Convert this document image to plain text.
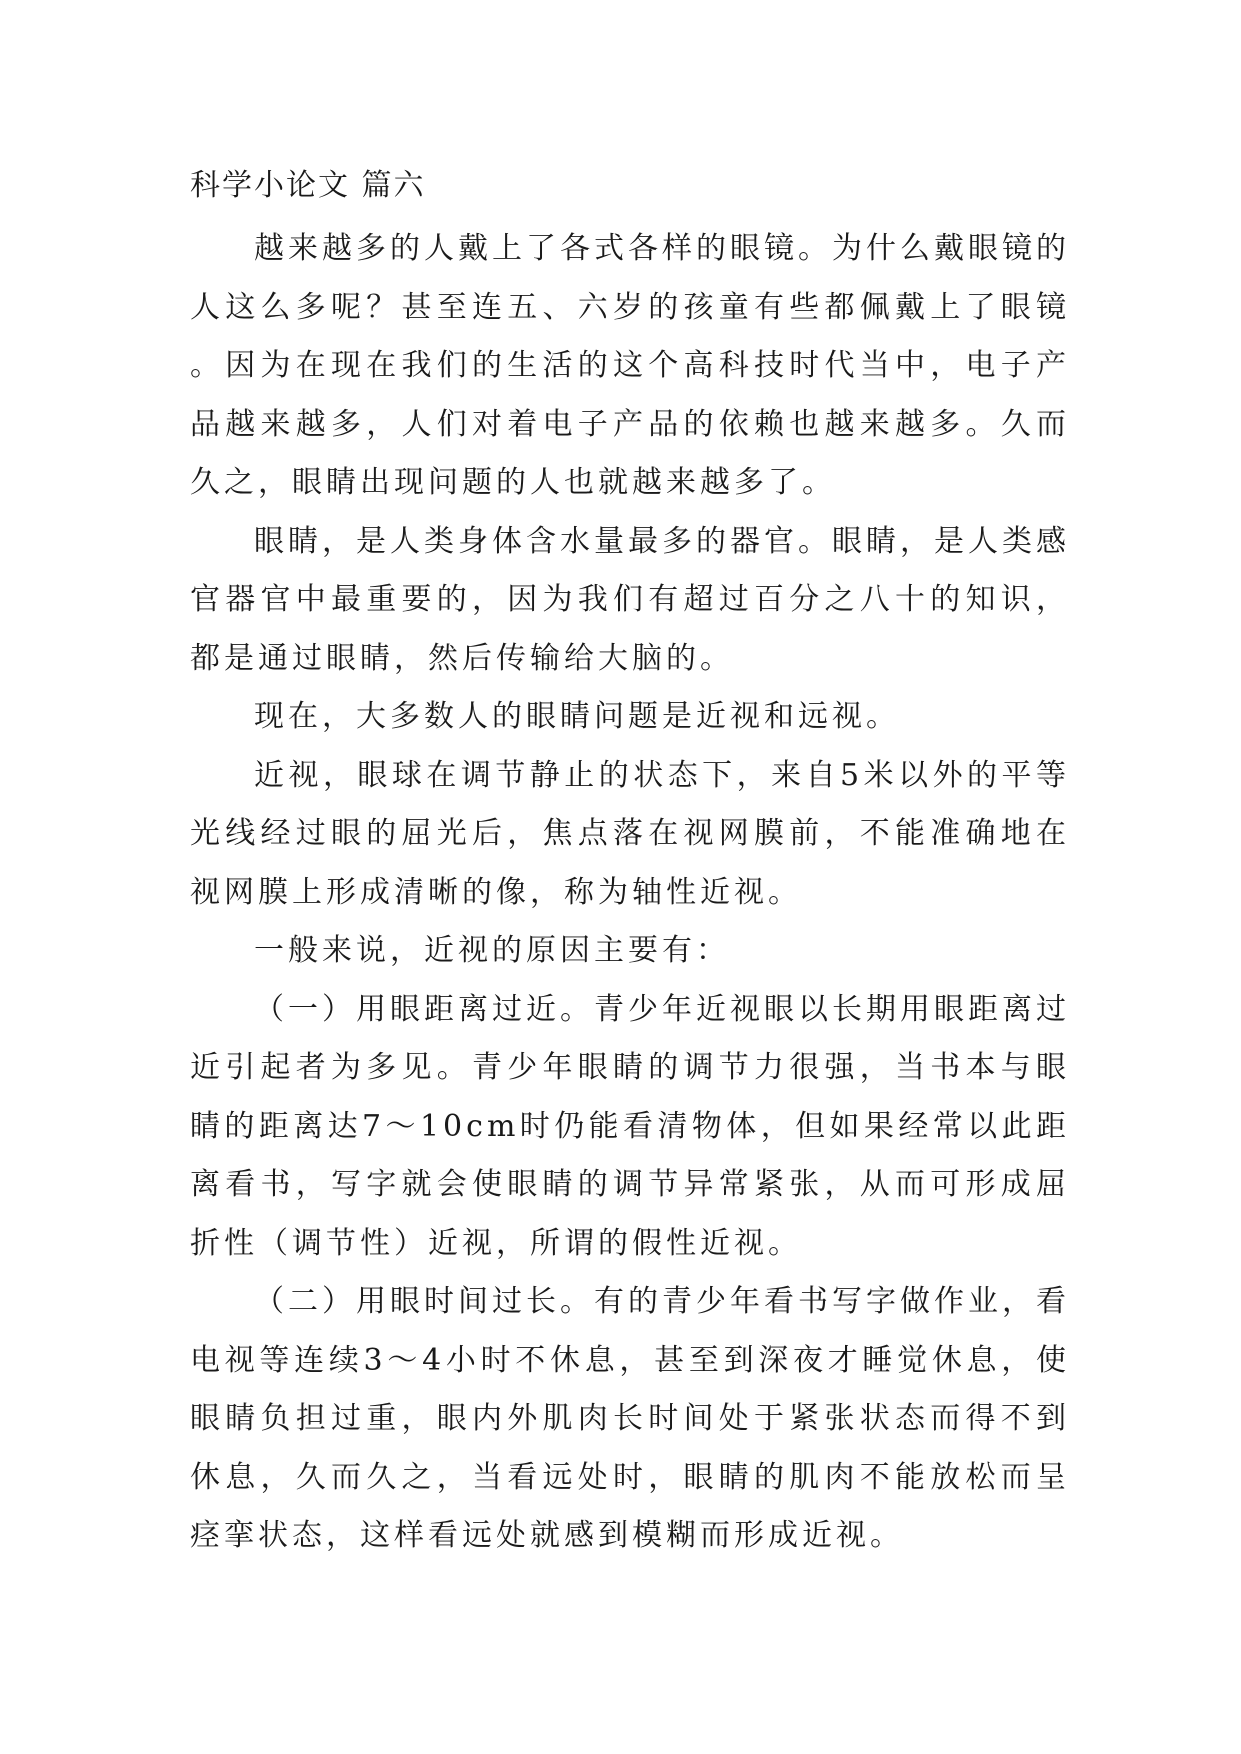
科学小论文 篇六

越来越多的人戴上了各式各样的眼镜。为什么戴眼镜的人这么多呢？甚至连五、六岁的孩童有些都佩戴上了眼镜。因为在现在我们的生活的这个高科技时代当中，电子产品越来越多，人们对着电子产品的依赖也越来越多。久而久之，眼睛出现问题的人也就越来越多了。

眼睛，是人类身体含水量最多的器官。眼睛，是人类感官器官中最重要的，因为我们有超过百分之八十的知识，都是通过眼睛，然后传输给大脑的。

现在，大多数人的眼睛问题是近视和远视。

近视，眼球在调节静止的状态下，来自5米以外的平等光线经过眼的屈光后，焦点落在视网膜前，不能准确地在视网膜上形成清晰的像，称为轴性近视。

一般来说，近视的原因主要有：

（一）用眼距离过近。青少年近视眼以长期用眼距离过近引起者为多见。青少年眼睛的调节力很强，当书本与眼睛的距离达7～10cm时仍能看清物体，但如果经常以此距离看书，写字就会使眼睛的调节异常紧张，从而可形成屈折性（调节性）近视，所谓的假性近视。

（二）用眼时间过长。有的青少年看书写字做作业，看电视等连续3～4小时不休息，甚至到深夜才睡觉休息，使眼睛负担过重，眼内外肌肉长时间处于紧张状态而得不到休息，久而久之，当看远处时，眼睛的肌肉不能放松而呈痉挛状态，这样看远处就感到模糊而形成近视。
